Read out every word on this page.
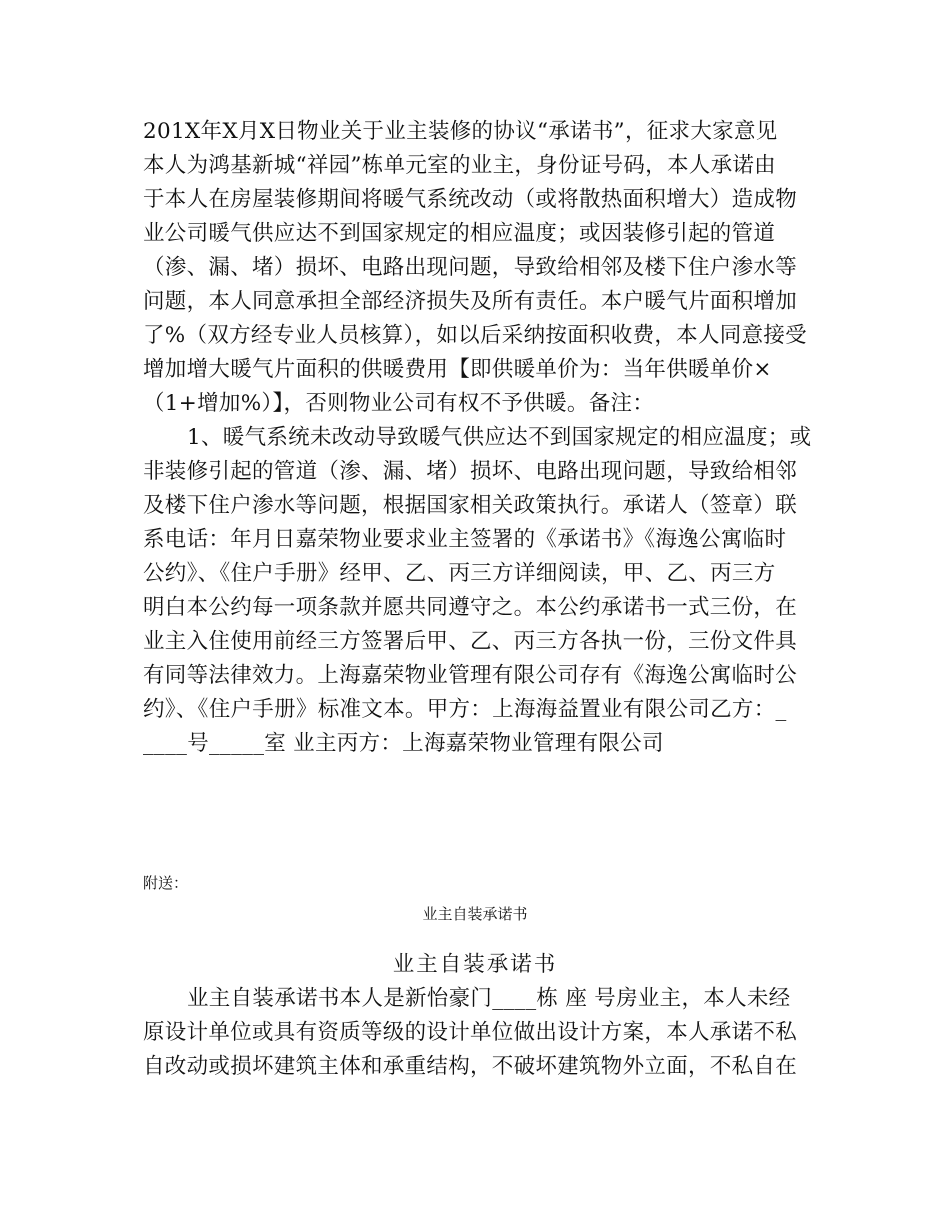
201X年X月X日物业关于业主装修的协议“承诺书”，征求大家意见
本人为鸿基新城“祥园”栋单元室的业主，身份证号码，本人承诺由
于本人在房屋装修期间将暖气系统改动（或将散热面积增大）造成物
业公司暖气供应达不到国家规定的相应温度；或因装修引起的管道
（渗、漏、堵）损坏、电路出现问题，导致给相邻及楼下住户渗水等
问题，本人同意承担全部经济损失及所有责任。本户暖气片面积增加
了%（双方经专业人员核算），如以后采纳按面积收费，本人同意接受
增加增大暖气片面积的供暖费用【即供暖单价为：当年供暖单价×
（1+增加%）】，否则物业公司有权不予供暖。备注：
1、暖气系统未改动导致暖气供应达不到国家规定的相应温度；或
非装修引起的管道（渗、漏、堵）损坏、电路出现问题，导致给相邻
及楼下住户渗水等问题，根据国家相关政策执行。承诺人（签章）联
系电话：年月日嘉荣物业要求业主签署的《承诺书》《海逸公寓临时
公约》、《住户手册》经甲、乙、丙三方详细阅读，甲、乙、丙三方
明白本公约每一项条款并愿共同遵守之。本公约承诺书一式三份，在
业主入住使用前经三方签署后甲、乙、丙三方各执一份，三份文件具
有同等法律效力。上海嘉荣物业管理有限公司存有《海逸公寓临时公
约》、《住户手册》标准文本。甲方：上海海益置业有限公司乙方：_
____号_____室 业主丙方：上海嘉荣物业管理有限公司
附送：
业主自装承诺书
业主自装承诺书
业主自装承诺书本人是新怡豪门____栋 座 号房业主，本人未经
原设计单位或具有资质等级的设计单位做出设计方案，本人承诺不私
自改动或损坏建筑主体和承重结构，不破坏建筑物外立面，不私自在
